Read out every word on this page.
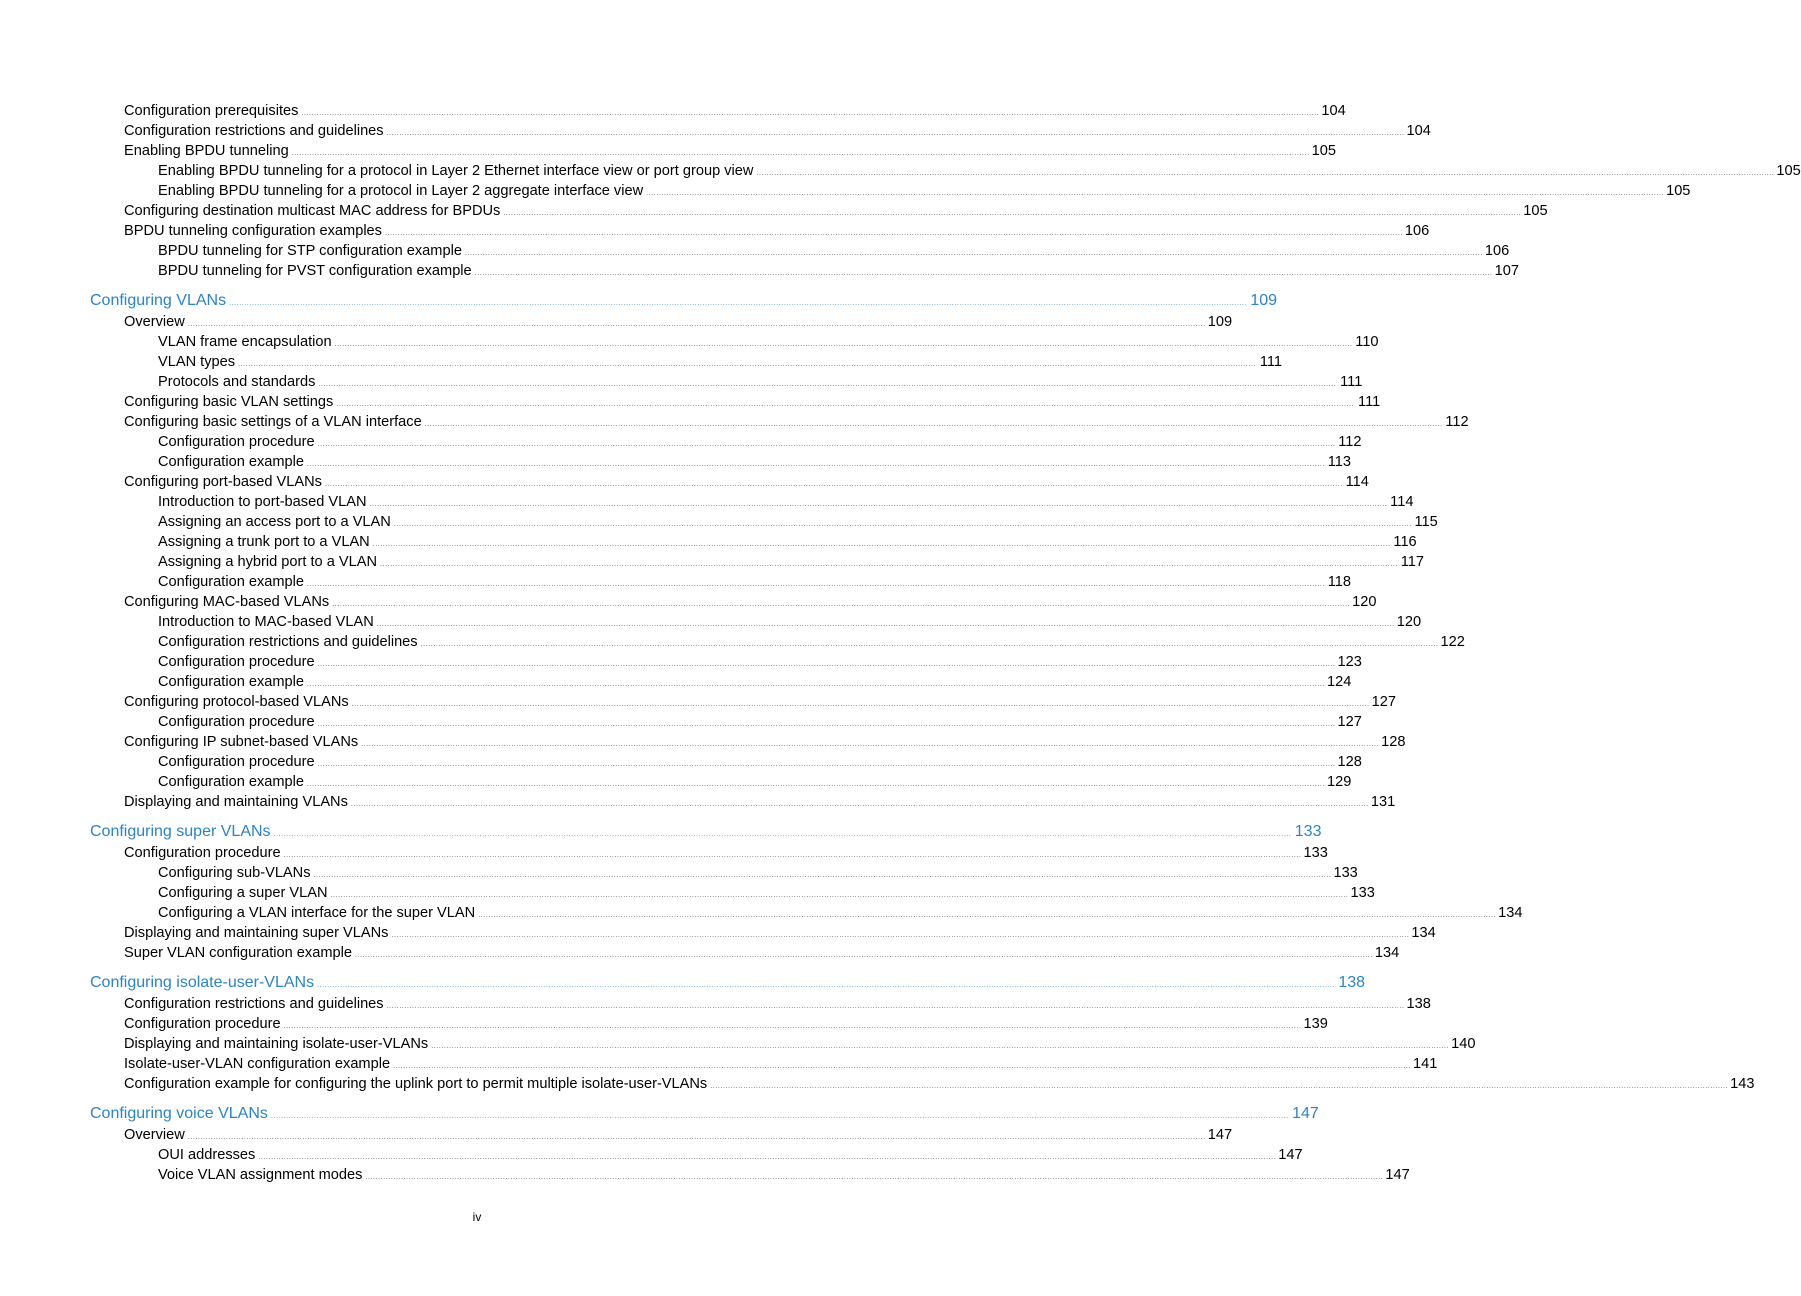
Configuration prerequisites ................................................................................................................................................................................................................................................................................................................................................................................................................ 104
Configuration restrictions and guidelines ................................................................................................................................................................................................................................................................................................................................................................................................................ 104
Enabling BPDU tunneling ................................................................................................................................................................................................................................................................................................................................................................................................................ 105
Enabling BPDU tunneling for a protocol in Layer 2 Ethernet interface view or port group view ................................................................................................................................................................................................................................................................................................................................................................................................................ 105
Enabling BPDU tunneling for a protocol in Layer 2 aggregate interface view ................................................................................................................................................................................................................................................................................................................................................................................................................ 105
Configuring destination multicast MAC address for BPDUs ................................................................................................................................................................................................................................................................................................................................................................................................................ 105
BPDU tunneling configuration examples ................................................................................................................................................................................................................................................................................................................................................................................................................ 106
BPDU tunneling for STP configuration example ................................................................................................................................................................................................................................................................................................................................................................................................................ 106
BPDU tunneling for PVST configuration example ................................................................................................................................................................................................................................................................................................................................................................................................................ 107
Configuring VLANs ................................................................................................................................................................................................................................................................................................................................................................................................................ 109
Overview ................................................................................................................................................................................................................................................................................................................................................................................................................ 109
VLAN frame encapsulation ................................................................................................................................................................................................................................................................................................................................................................................................................ 110
VLAN types ................................................................................................................................................................................................................................................................................................................................................................................................................ 111
Protocols and standards ................................................................................................................................................................................................................................................................................................................................................................................................................ 111
Configuring basic VLAN settings ................................................................................................................................................................................................................................................................................................................................................................................................................ 111
Configuring basic settings of a VLAN interface ................................................................................................................................................................................................................................................................................................................................................................................................................ 112
Configuration procedure ................................................................................................................................................................................................................................................................................................................................................................................................................ 112
Configuration example ................................................................................................................................................................................................................................................................................................................................................................................................................ 113
Configuring port-based VLANs ................................................................................................................................................................................................................................................................................................................................................................................................................ 114
Introduction to port-based VLAN ................................................................................................................................................................................................................................................................................................................................................................................................................ 114
Assigning an access port to a VLAN ................................................................................................................................................................................................................................................................................................................................................................................................................ 115
Assigning a trunk port to a VLAN ................................................................................................................................................................................................................................................................................................................................................................................................................ 116
Assigning a hybrid port to a VLAN ................................................................................................................................................................................................................................................................................................................................................................................................................ 117
Configuration example ................................................................................................................................................................................................................................................................................................................................................................................................................ 118
Configuring MAC-based VLANs ................................................................................................................................................................................................................................................................................................................................................................................................................ 120
Introduction to MAC-based VLAN ................................................................................................................................................................................................................................................................................................................................................................................................................ 120
Configuration restrictions and guidelines ................................................................................................................................................................................................................................................................................................................................................................................................................ 122
Configuration procedure ................................................................................................................................................................................................................................................................................................................................................................................................................ 123
Configuration example ................................................................................................................................................................................................................................................................................................................................................................................................................ 124
Configuring protocol-based VLANs ................................................................................................................................................................................................................................................................................................................................................................................................................ 127
Configuration procedure ................................................................................................................................................................................................................................................................................................................................................................................................................ 127
Configuring IP subnet-based VLANs ................................................................................................................................................................................................................................................................................................................................................................................................................ 128
Configuration procedure ................................................................................................................................................................................................................................................................................................................................................................................................................ 128
Configuration example ................................................................................................................................................................................................................................................................................................................................................................................................................ 129
Displaying and maintaining VLANs ................................................................................................................................................................................................................................................................................................................................................................................................................ 131
Configuring super VLANs ................................................................................................................................................................................................................................................................................................................................................................................................................ 133
Configuration procedure ................................................................................................................................................................................................................................................................................................................................................................................................................ 133
Configuring sub-VLANs ................................................................................................................................................................................................................................................................................................................................................................................................................ 133
Configuring a super VLAN ................................................................................................................................................................................................................................................................................................................................................................................................................ 133
Configuring a VLAN interface for the super VLAN ................................................................................................................................................................................................................................................................................................................................................................................................................ 134
Displaying and maintaining super VLANs ................................................................................................................................................................................................................................................................................................................................................................................................................ 134
Super VLAN configuration example ................................................................................................................................................................................................................................................................................................................................................................................................................ 134
Configuring isolate-user-VLANs ................................................................................................................................................................................................................................................................................................................................................................................................................ 138
Configuration restrictions and guidelines ................................................................................................................................................................................................................................................................................................................................................................................................................ 138
Configuration procedure ................................................................................................................................................................................................................................................................................................................................................................................................................ 139
Displaying and maintaining isolate-user-VLANs ................................................................................................................................................................................................................................................................................................................................................................................................................ 140
Isolate-user-VLAN configuration example ................................................................................................................................................................................................................................................................................................................................................................................................................ 141
Configuration example for configuring the uplink port to permit multiple isolate-user-VLANs ................................................................................................................................................................................................................................................................................................................................................................................................................ 143
Configuring voice VLANs ................................................................................................................................................................................................................................................................................................................................................................................................................ 147
Overview ................................................................................................................................................................................................................................................................................................................................................................................................................ 147
OUI addresses ................................................................................................................................................................................................................................................................................................................................................................................................................ 147
Voice VLAN assignment modes ................................................................................................................................................................................................................................................................................................................................................................................................................ 147
iv
